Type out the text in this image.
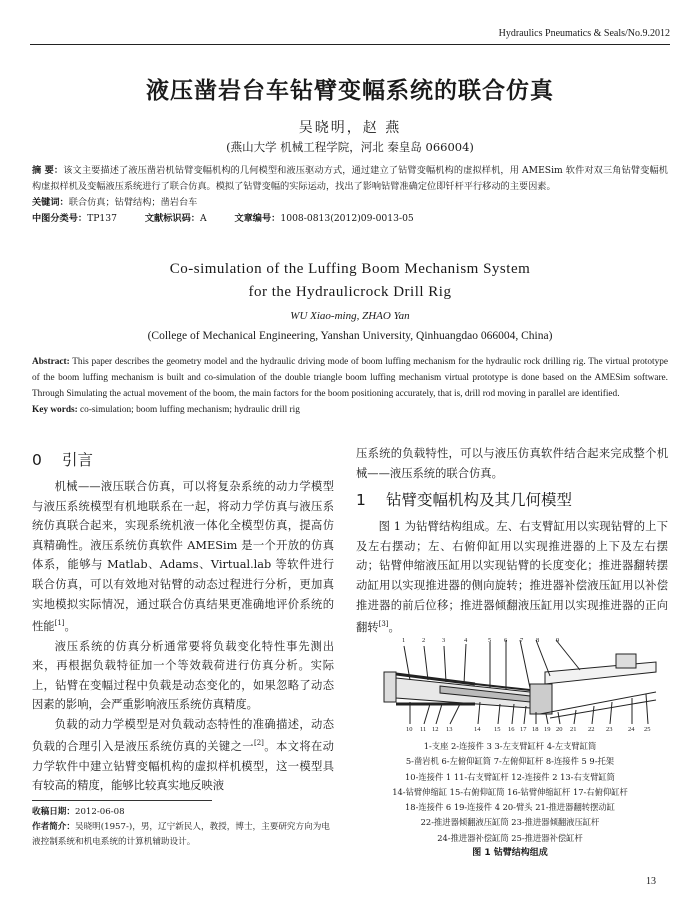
Hydraulics Pneumatics & Seals/No.9.2012
液压凿岩台车钻臂变幅系统的联合仿真
吴晓明，赵 燕
(燕山大学 机械工程学院，河北 秦皇岛 066004)
摘 要：该文主要描述了液压凿岩机钻臂变幅机构的几何模型和液压驱动方式，通过建立了钻臂变幅机构的虚拟样机，用 AMESim 软件对双三角钻臂变幅机构虚拟样机及变幅液压系统进行了联合仿真。模拟了钻臂变幅的实际运动，找出了影响钻臂准确定位即钎杆平行移动的主要因素。
关键词：联合仿真；钻臂结构；凿岩台车
中图分类号：TP137	文献标识码：A	文章编号：1008-0813(2012)09-0013-05
Co-simulation of the Luffing Boom Mechanism System
for the Hydraulicrock Drill Rig
WU Xiao-ming, ZHAO Yan
(College of Mechanical Engineering, Yanshan University, Qinhuangdao 066004, China)
Abstract: This paper describes the geometry model and the hydraulic driving mode of boom luffing mechanism for the hydraulic rock drilling rig. The virtual prototype of the boom luffing mechanism is built and co-simulation of the double triangle boom luffing mechanism virtual prototype is done based on the AMESim software. Through Simulating the actual movement of the boom, the main factors for the boom positioning accurately, that is, drill rod moving in parallel are identified.
Key words: co-simulation; boom luffing mechanism; hydraulic drill rig
0 引言

机械——液压联合仿真，可以将复杂系统的动力学模型与液压系统模型有机地联系在一起，将动力学仿真与液压系统仿真联合起来，实现系统机液一体化全模型仿真，提高仿真精确性。液压系统仿真软件 AMESim 是一个开放的仿真体系，能够与 Matlab、Adams、Virtual.lab 等软件进行联合仿真，可以有效地对钻臂的动态过程进行分析，更加真实地模拟实际情况，通过联合仿真结果更准确地评价系统的性能[1]。

液压系统的仿真分析通常要将负载变化特性事先测出来，再根据负载特征加一个等效载荷进行仿真分析。实际上，钻臂在变幅过程中负载是动态变化的，如果忽略了动态因素的影响，会严重影响液压系统仿真精度。

负载的动力学模型是对负载动态特性的准确描述，动态负载的合理引入是液压系统仿真的关键之一[2]。本文将在动力学软件中建立钻臂变幅机构的虚拟样机模型，这一模型具有较高的精度，能够比较真实地反映液

压系统的负载特性，可以与液压仿真软件结合起来完成整个机械——液压系统的联合仿真。
1 钻臂变幅机构及其几何模型

图 1 为钻臂结构组成。左、右支臂缸用以实现钻臂的上下及左右摆动；左、右俯仰缸用以实现推进器的上下及左右摆动；钻臂伸缩液压缸用以实现钻臂的长度变化；推进器翻转摆动缸用以实现推进器的侧向旋转；推进器补偿液压缸用以补偿推进器的前后位移；推进器倾翻液压缸用以实现推进器的正向翻转[3]。

1	2	3	4	5 6 7 8	9
10 11 12 13	14 15 16 17 18 19 20 21 22 23 24 25
1-支座 2-连接件 3 3-左支臂缸杆 4-左支臂缸筒
5-凿岩机 6-左俯仰缸筒 7-左俯仰缸杆 8-连接件 5 9-托架
10-连接件 1 11-右支臂缸杆 12-连接件 2 13-右支臂缸筒
14-钻臂伸缩缸 15-右俯仰缸筒 16-钻臂伸缩缸杆 17-右俯仰缸杆
18-连接件 6 19-连接件 4 20-臂头 21-推进器翻转摆动缸
22-推进器倾翻液压缸筒 23-推进器倾翻液压缸杆
24-推进器补偿缸筒 25-推进器补偿缸杆
图 1 钻臂结构组成
收稿日期：2012-06-08
作者简介：吴晓明(1957-)，男，辽宁新民人，教授，博士，主要研究方向为电液控制系统和机电系统的计算机辅助设计。
13
